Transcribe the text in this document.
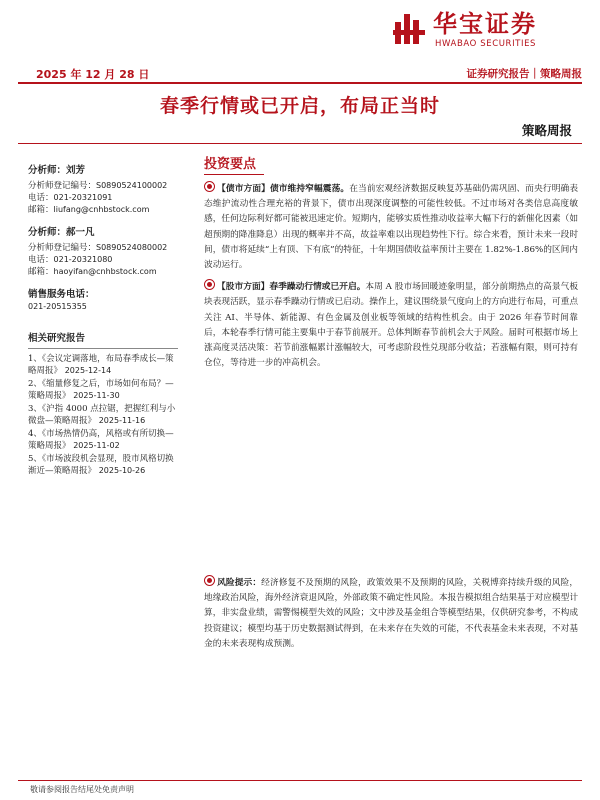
华宝证券
HWABAO SECURITIES
2025 年 12 月 28 日	证券研究报告｜策略周报
春季行情或已开启，布局正当时
策略周报
分析师：刘芳
分析师登记编号：S0890524100002
电话：021-20321091
邮箱：liufang@cnhbstock.com
分析师：郝一凡
分析师登记编号：S0890524080002
电话：021-20321080
邮箱：haoyifan@cnhbstock.com
销售服务电话：
021-20515355
相关研究报告
1、《会议定调落地，布局春季成长—策略周报》 2025-12-14
2、《缩量修复之后，市场如何布局？—策略周报》 2025-11-30
3、《沪指 4000 点拉锯，把握红利与小微盘—策略周报》 2025-11-16
4、《市场热情仍高，风格或有所切换—策略周报》 2025-11-02
5、《市场波段机会显现，股市风格切换渐近—策略周报》 2025-10-26
投资要点

【债市方面】债市维持窄幅震荡。在当前宏观经济数据反映复苏基础仍需巩固、而央行明确表态维护流动性合理充裕的背景下，债市出现深度调整的可能性较低。不过市场对各类信息高度敏感，任何边际利好都可能被迅速定价。短期内，能够实质性推动收益率大幅下行的新催化因素（如超预期的降准降息）出现的概率并不高，故益率难以出现趋势性下行。综合来看，预计未来一段时间，债市将延续“上有顶、下有底”的特征，十年期国债收益率预计主要在 1.82%-1.86%的区间内波动运行。

【股市方面】春季躁动行情或已开启。本周 A 股市场回暖迹象明显，部分前期热点的高景气板块表现活跃，显示春季躁动行情或已启动。操作上，建议围绕景气度向上的方向进行布局，可重点关注 AI、半导体、新能源、有色金属及创业板等领域的结构性机会。由于 2026 年春节时间靠后，本轮春季行情可能主要集中于春节前展开。总体判断春节前机会大于风险。届时可根据市场上涨高度灵活决策：若节前涨幅累计涨幅较大，可考虑阶段性兑现部分收益；若涨幅有限，则可持有仓位，等待进一步的冲高机会。

风险提示：经济修复不及预期的风险，政策效果不及预期的风险，关税博弈持续升级的风险，地缘政治风险，海外经济衰退风险，外部政策不确定性风险。本报告模拟组合结果基于对应模型计算，非实盘业绩，需警惕模型失效的风险；文中涉及基金组合等模型结果，仅供研究参考，不构成投资建议；模型均基于历史数据测试得到，在未来存在失效的可能，不代表基金未来表现，不对基金的未来表现构成预测。
敬请参阅报告结尾处免责声明
